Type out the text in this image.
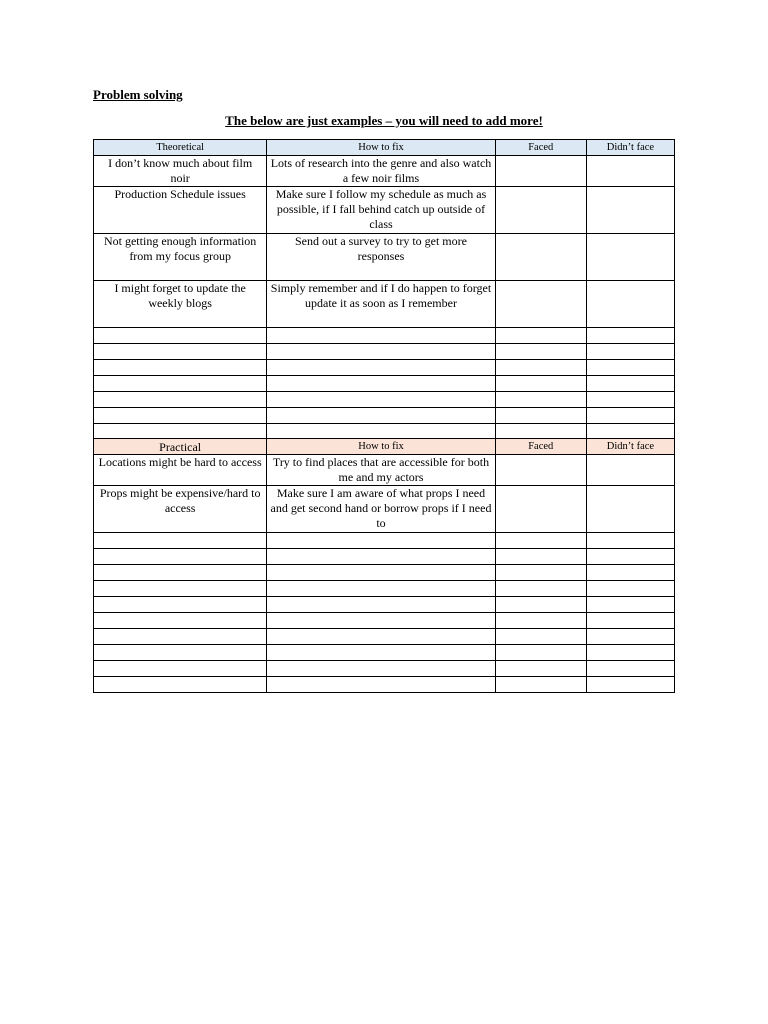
Problem solving
The below are just examples – you will need to add more!
Theoretical	How to fix	Faced	Didn’t face
I don’t know much about film noir	Lots of research into the genre and also watch a few noir films		
Production Schedule issues	Make sure I follow my schedule as much as possible, if I fall behind catch up outside of class		
Not getting enough information from my focus group	Send out a survey to try to get more responses		
I might forget to update the weekly blogs	Simply remember and if I do happen to forget update it as soon as I remember		

Practical	How to fix	Faced	Didn’t face
Locations might be hard to access	Try to find places that are accessible for both me and my actors		
Props might be expensive/hard to access	Make sure I am aware of what props I need and get second hand or borrow props if I need to		
